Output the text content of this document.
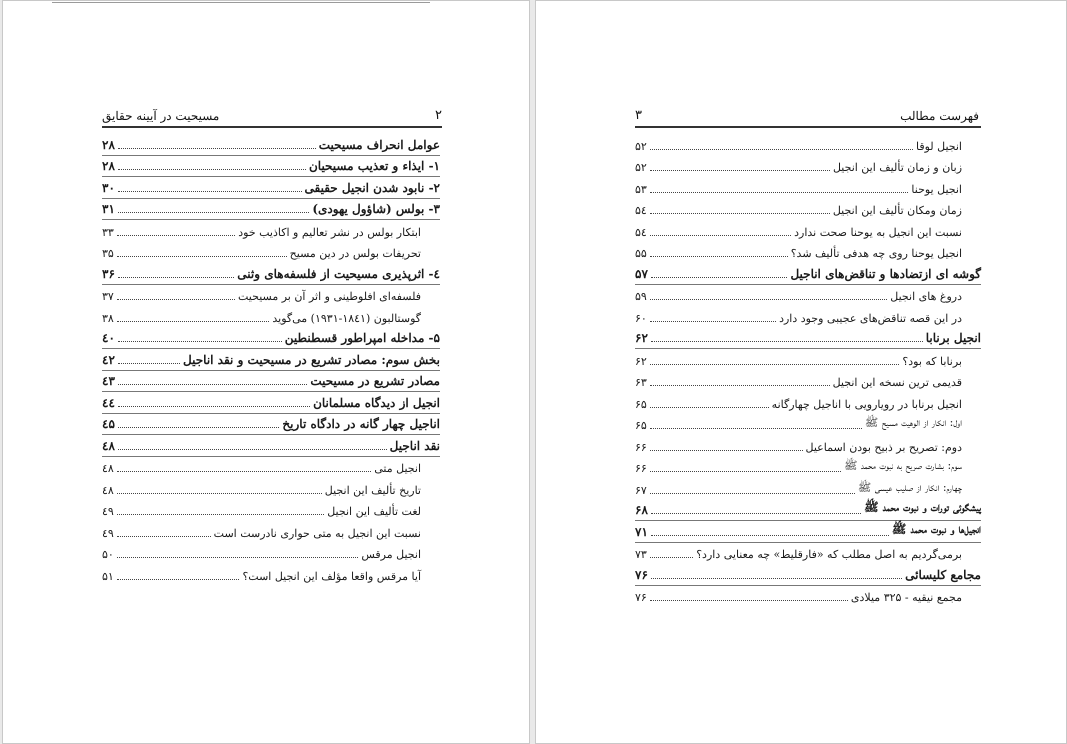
مسیحیت در آیینه حقایق	۲
عوامل انحراف مسیحیت
۲۸
۱- ایذاء و تعذیب مسیحیان
۲۸
۲- نابود شدن انجیل حقیقی
۳۰
۳- بولس (شاؤول یهودی)
۳۱
ابتکار بولس در نشر تعالیم و اکاذیب خود
۳۳
تحریفات بولس در دین مسیح
۳۵
٤- اثرپذیری مسیحیت از فلسفه‌های وثنی
۳۶
فلسفه‌ای افلوطینی و اثر آن بر مسیحیت
۳۷
گوستالبون (۱۸٤۱-۱۹۳۱) می‌گوید
۳۸
۵- مداخله امپراطور قسطنطین
٤۰
بخش سوم: مصادر تشریع در مسیحیت و نقد اناجیل
٤۲
مصادر تشریع در مسیحیت
٤۳
انجیل از دیدگاه مسلمانان
٤٤
اناجیل چهار گانه در دادگاه تاریخ
٤۵
نقد اناجیل
٤۸
انجیل متی
٤۸
تاریخ تألیف این انجیل
٤۸
لغت تألیف این انجیل
٤۹
نسبت این انجیل به متی حواری نادرست است
٤۹
انجیل مرقس
۵۰
آیا مرقس واقعا مؤلف این انجیل است؟
۵۱
۳	فهرست مطالب
انجیل لوقا
۵۲
زبان و زمان تألیف این انجیل
۵۲
انجیل یوحنا
۵۳
زمان ومکان تألیف این انجیل
۵٤
نسبت این انجیل به یوحنا صحت ندارد
۵٤
انجیل یوحنا روی چه هدفی تألیف شد؟
۵۵
گوشه ای ازتضادها و تناقض‌های اناجیل
۵۷
دروغ های انجیل
۵۹
در این قصه تناقض‌های عجیبی وجود دارد
۶۰
انجیل برنابا
۶۲
برنابا که بود؟
۶۲
قدیمی ترین نسخه این انجیل
۶۳
انجیل برنابا در رویارویی با اناجیل چهارگانه
۶۵
اول: انکار از الوهیت مسیح ﷺ
۶۵
دوم: تصریح بر ذبیح بودن اسماعیل
۶۶
سوم: بشارت صریح به نبوت محمد ﷺ
۶۶
چهارم: انکار از صلیب عیسی ﷺ
۶۷
پیشگوئی تورات و نبوت محمد ﷺ
۶۸
انجیل‌ها و نبوت محمد ﷺ
۷۱
برمی‌گردیم به اصل مطلب که «فارقلیط» چه معنایی دارد؟
۷۳
مجامع کلیسائی
۷۶
مجمع نیقیه - ۳۲۵ میلادی
۷۶
